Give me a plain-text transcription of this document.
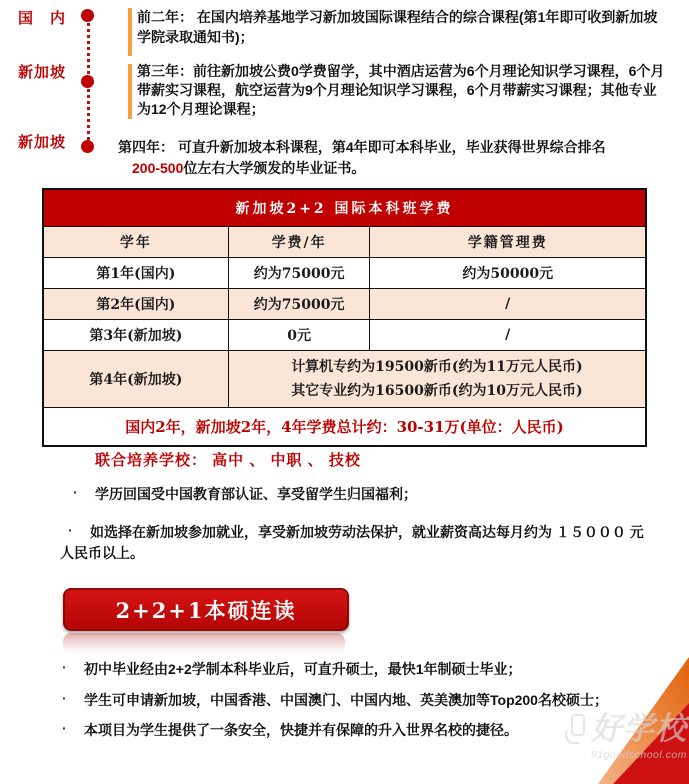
国　内
新加坡
新加坡
前二年： 在国内培养基地学习新加坡国际课程结合的综合课程(第1年即可收到新加坡学院录取通知书)；
第三年：前往新加坡公费0学费留学，其中酒店运营为6个月理论知识学习课程，6个月带薪实习课程，航空运营为9个月理论知识学习课程，6个月带薪实习课程；其他专业为12个月理论课程；
第四年： 可直升新加坡本科课程，第4年即可本科毕业，毕业获得世界综合排名
200-500位左右大学颁发的毕业证书。
新加坡2+2 国际本科班学费		
学年	学费/年	学籍管理费
第1年(国内)	约为75000元	约为50000元
第2年(国内)	约为75000元	/
第3年(新加坡)	0元	/
第4年(新加坡)	计算机专约为19500新币(约为11万元人民币)
其它专业约为16500新币(约为10万元人民币)	

国内2年，新加坡2年，4年学费总计约：30-31万(单位：人民币)		
联合培养学校： 高中 、 中职 、 技校
· 学历回国受中国教育部认证、享受留学生归国福利；
· 如选择在新加坡参加就业，享受新加坡劳动法保护，就业薪资高达每月约为 １５０００ 元人民币以上。
2+2+1本硕连读
· 初中毕业经由2+2学制本科毕业后，可直升硕士，最快1年制硕士毕业；
· 学生可申请新加坡，中国香港、中国澳门、中国内地、英美澳加等Top200名校硕士；
· 本项目为学生提供了一条安全，快捷并有保障的升入世界名校的捷径。	好学校
91goodschool.com
